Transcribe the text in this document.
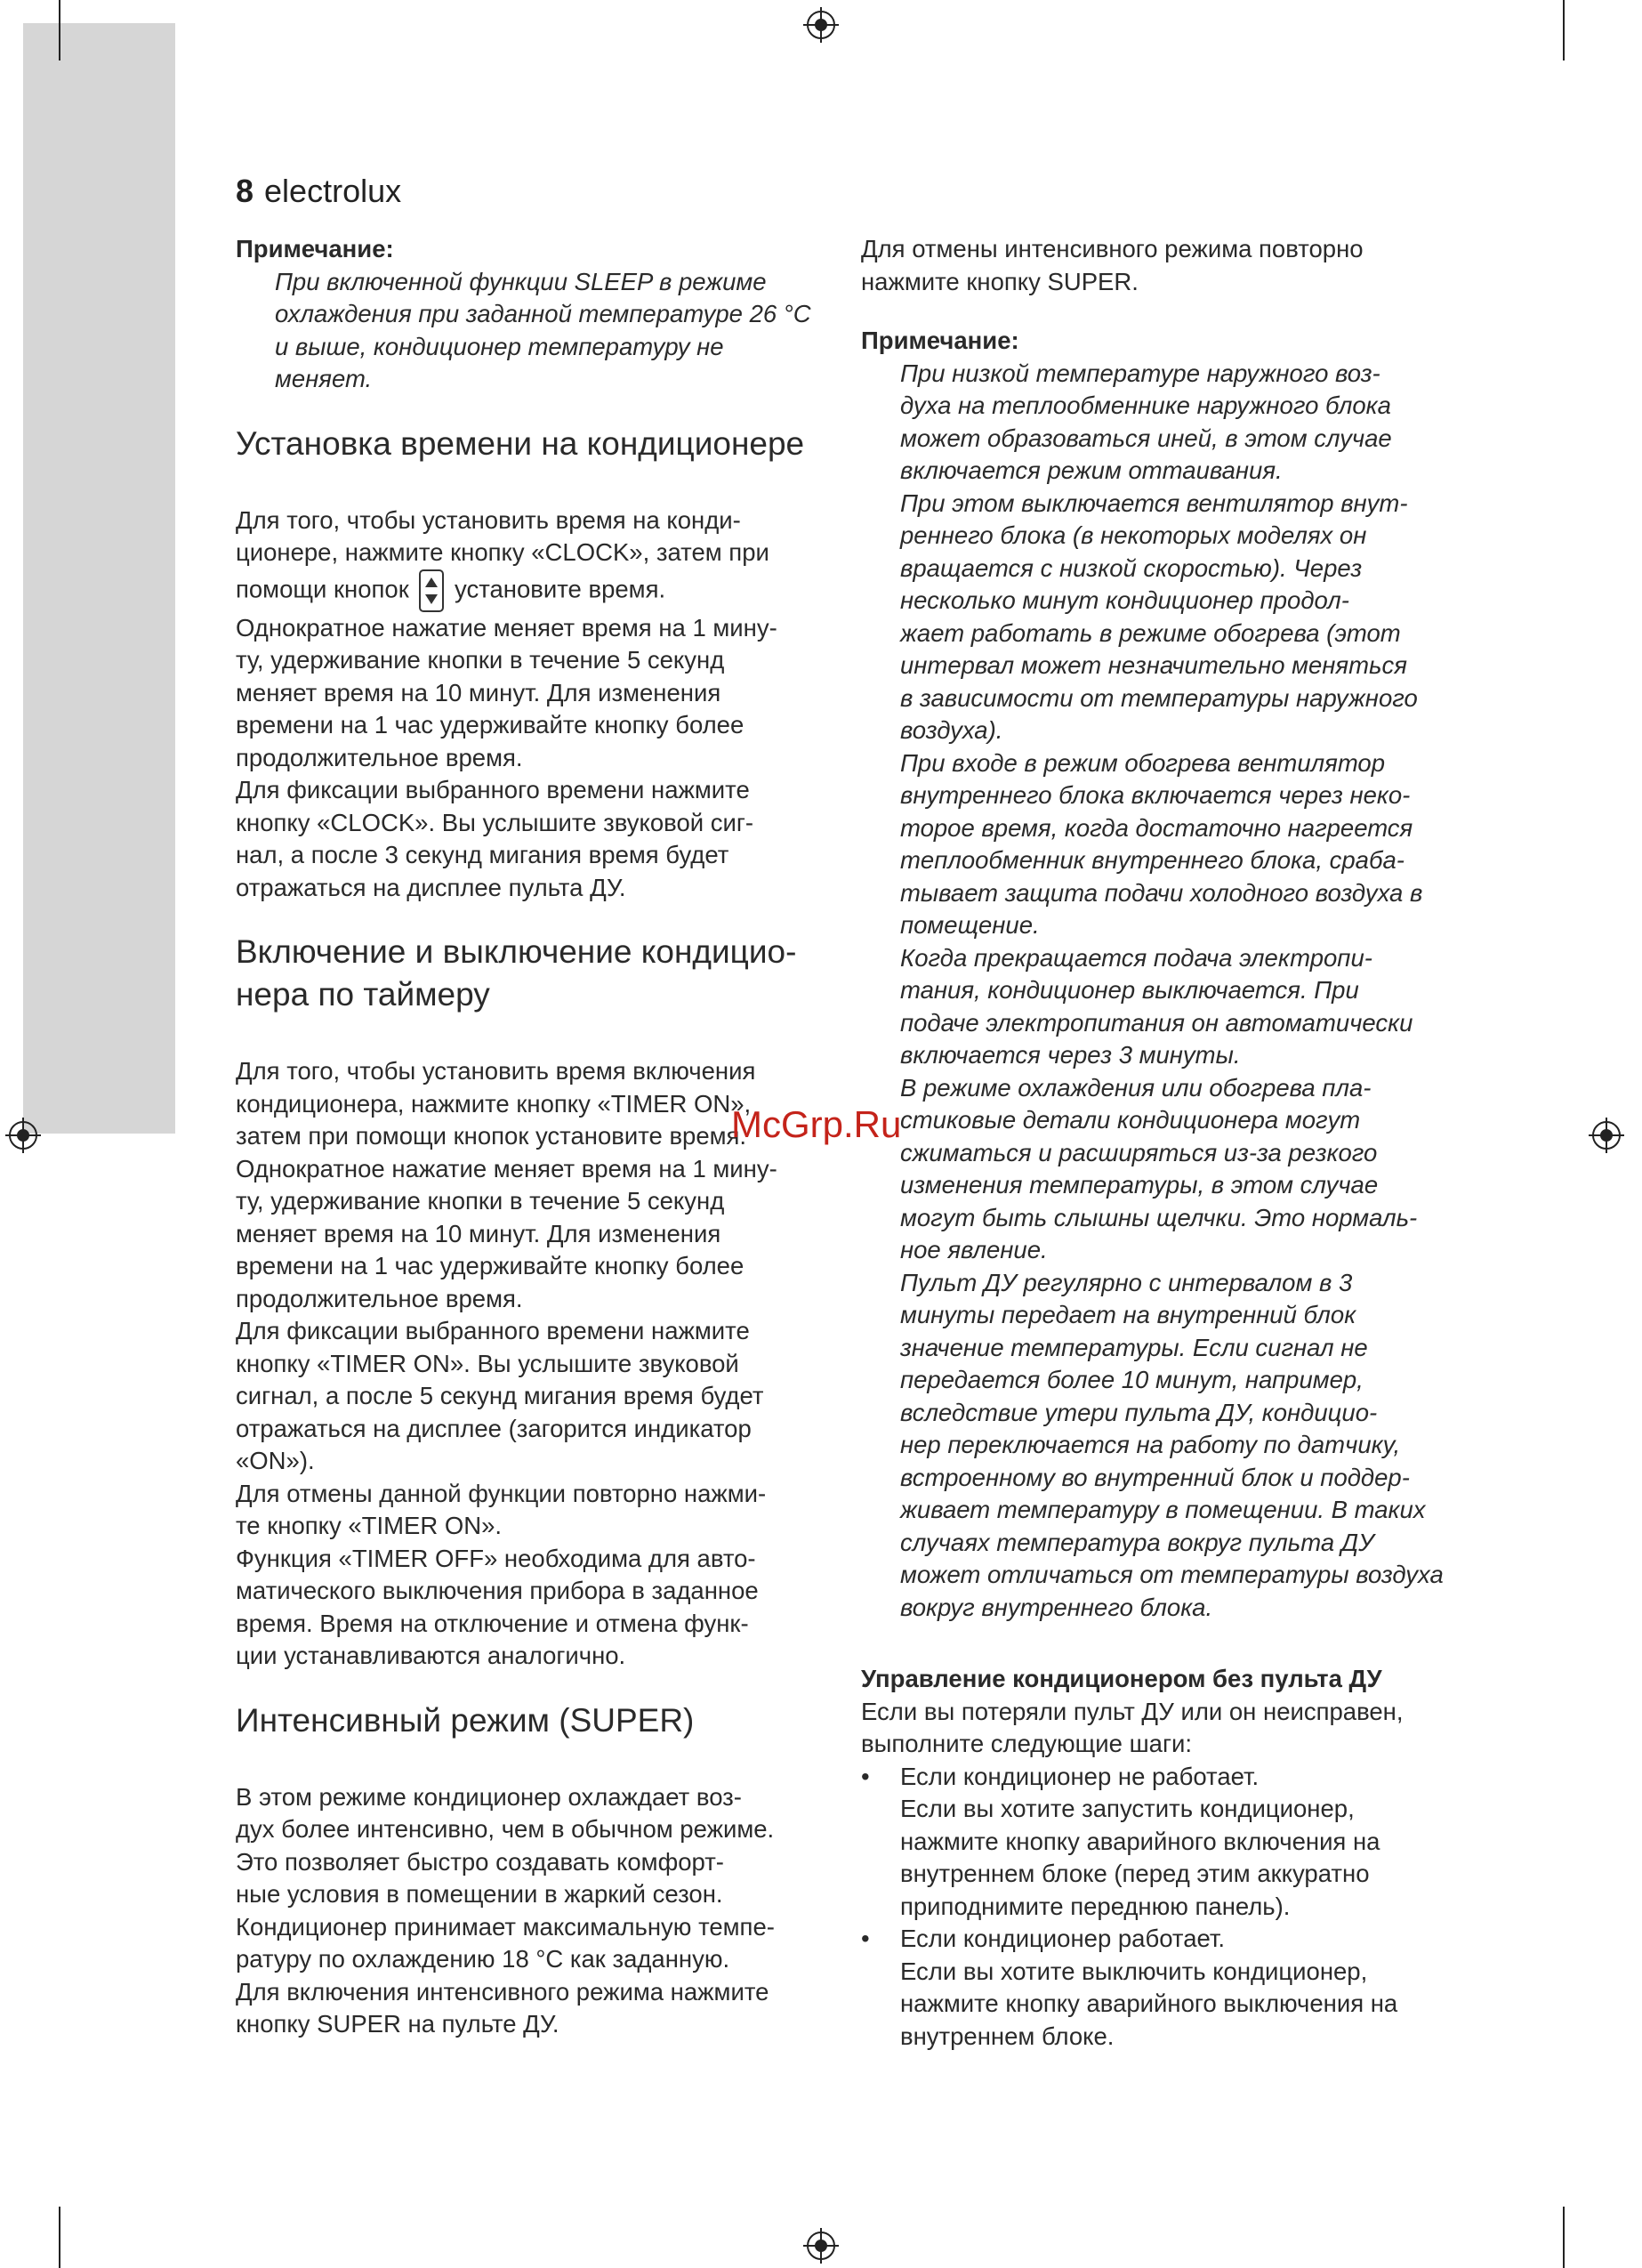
8 electrolux

Примечание:

При включенной функции SLEEP в режиме

охлаждения при заданной температуре 26 °С

и выше, кондиционер температуру не меняет.

Установка времени на кондиционере

Для того, чтобы установить время на конди-

ционере, нажмите кнопку «CLOCK», затем при

помощи кнопок установите время.

Однократное нажатие меняет время на 1 мину-

ту, удерживание кнопки в течение 5 секунд

меняет время на 10 минут. Для изменения

времени на 1 час удерживайте кнопку более

продолжительное время.

Для фиксации выбранного времени нажмите

кнопку «CLOCK». Вы услышите звуковой сиг-

нал, а после 3 секунд мигания время будет

отражаться на дисплее пульта ДУ.

Включение и выключение кондицио-
нера по таймеру

Для того, чтобы установить время включения

кондиционера, нажмите кнопку «TIMER ON»,

затем при помощи кнопок установите время.

Однократное нажатие меняет время на 1 мину-

ту, удерживание кнопки в течение 5 секунд

меняет время на 10 минут. Для изменения

времени на 1 час удерживайте кнопку более

продолжительное время.

Для фиксации выбранного времени нажмите

кнопку «TIMER ON». Вы услышите звуковой

сигнал, а после 5 секунд мигания время будет

отражаться на дисплее (загорится индикатор

«ON»).

Для отмены данной функции повторно нажми-

те кнопку «TIMER ON».

Функция «TIMER OFF» необходима для авто-

матического выключения прибора в заданное

время. Время на отключение и отмена функ-

ции устанавливаются аналогично.

Интенсивный режим (SUPER)

В этом режиме кондиционер охлаждает воз-

дух более интенсивно, чем в обычном режиме.

Это позволяет быстро создавать комфорт-

ные условия в помещении в жаркий сезон.

Кондиционер принимает максимальную темпе-

ратуру по охлаждению 18 °С как заданную.

Для включения интенсивного режима нажмите

кнопку SUPER на пульте ДУ.

Для отмены интенсивного режима повторно

нажмите кнопку SUPER.

Примечание:

При низкой температуре наружного воз-

духа на теплообменнике наружного блока

может образоваться иней, в этом случае

включается режим оттаивания.

При этом выключается вентилятор внут-

реннего блока (в некоторых моделях он

вращается с низкой скоростью). Через

несколько минут кондиционер продол-

жает работать в режиме обогрева (этот

интервал может незначительно меняться

в зависимости от температуры наружного

воздуха).

При входе в режим обогрева вентилятор

внутреннего блока включается через неко-

торое время, когда достаточно нагреется

теплообменник внутреннего блока, сраба-

тывает защита подачи холодного воздуха в

помещение.

Когда прекращается подача электропи-

тания, кондиционер выключается. При

подаче электропитания он автоматически

включается через 3 минуты.

В режиме охлаждения или обогрева пла-

стиковые детали кондиционера могут

сжиматься и расширяться из-за резкого

изменения температуры, в этом случае

могут быть слышны щелчки. Это нормаль-

ное явление.

Пульт ДУ регулярно с интервалом в 3

минуты передает на внутренний блок

значение температуры. Если сигнал не

передается более 10 минут, например,

вследствие утери пульта ДУ, кондицио-

нер переключается на работу по датчику,

встроенному во внутренний блок и поддер-

живает температуру в помещении. В таких

случаях температура вокруг пульта ДУ

может отличаться от температуры воздуха

вокруг внутреннего блока.

Управление кондиционером без пульта ДУ

Если вы потеряли пульт ДУ или он неисправен,

выполните следующие шаги:

• Если кондиционер не работает.

Если вы хотите запустить кондиционер,

нажмите кнопку аварийного включения на

внутреннем блоке (перед этим аккуратно

приподнимите переднюю панель).

• Если кондиционер работает.

Если вы хотите выключить кондиционер,

нажмите кнопку аварийного выключения на

внутреннем блоке.

McGrp.Ru
